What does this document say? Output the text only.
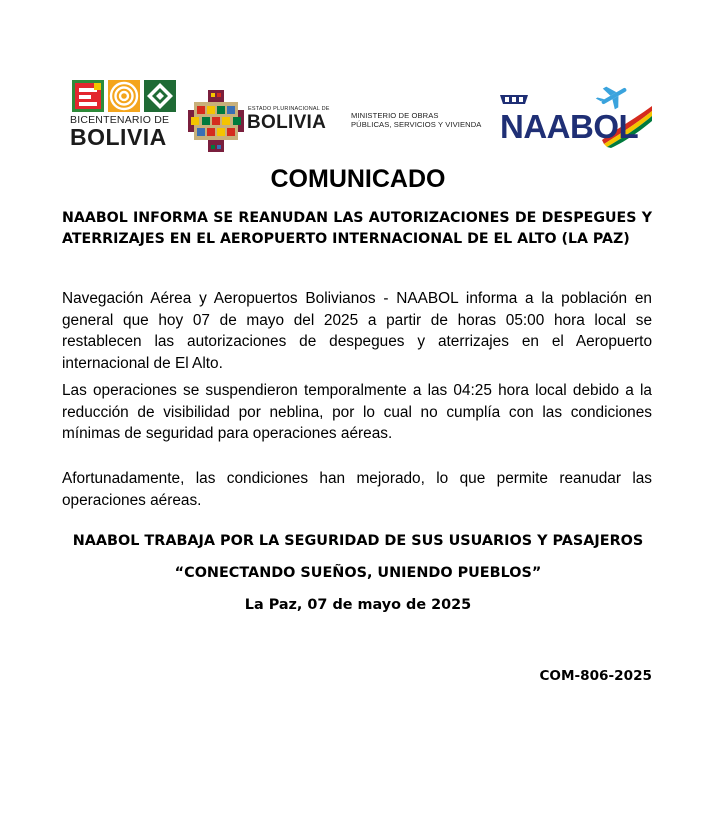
BICENTENARIO DE
BOLIVIA
ESTADO PLURINACIONAL DE
BOLIVIA	MINISTERIO DE OBRAS
PÚBLICAS, SERVICIOS Y VIVIENDA NAABOL
COMUNICADO
NAABOL INFORMA SE REANUDAN LAS AUTORIZACIONES DE DESPEGUES Y ATERRIZAJES EN EL AEROPUERTO INTERNACIONAL DE EL ALTO (LA PAZ)
Navegación Aérea y Aeropuertos Bolivianos - NAABOL informa a la población en general que hoy 07 de mayo del 2025 a partir de horas 05:00 hora local se restablecen las autorizaciones de despegues y aterrizajes en el Aeropuerto internacional de El Alto.
Las operaciones se suspendieron temporalmente a las 04:25 hora local debido a la reducción de visibilidad por neblina, por lo cual no cumplía con las condiciones mínimas de seguridad para operaciones aéreas.
Afortunadamente, las condiciones han mejorado, lo que permite reanudar las operaciones aéreas.
NAABOL TRABAJA POR LA SEGURIDAD DE SUS USUARIOS Y PASAJEROS
“CONECTANDO SUEÑOS, UNIENDO PUEBLOS”
La Paz, 07 de mayo de 2025
COM-806-2025
